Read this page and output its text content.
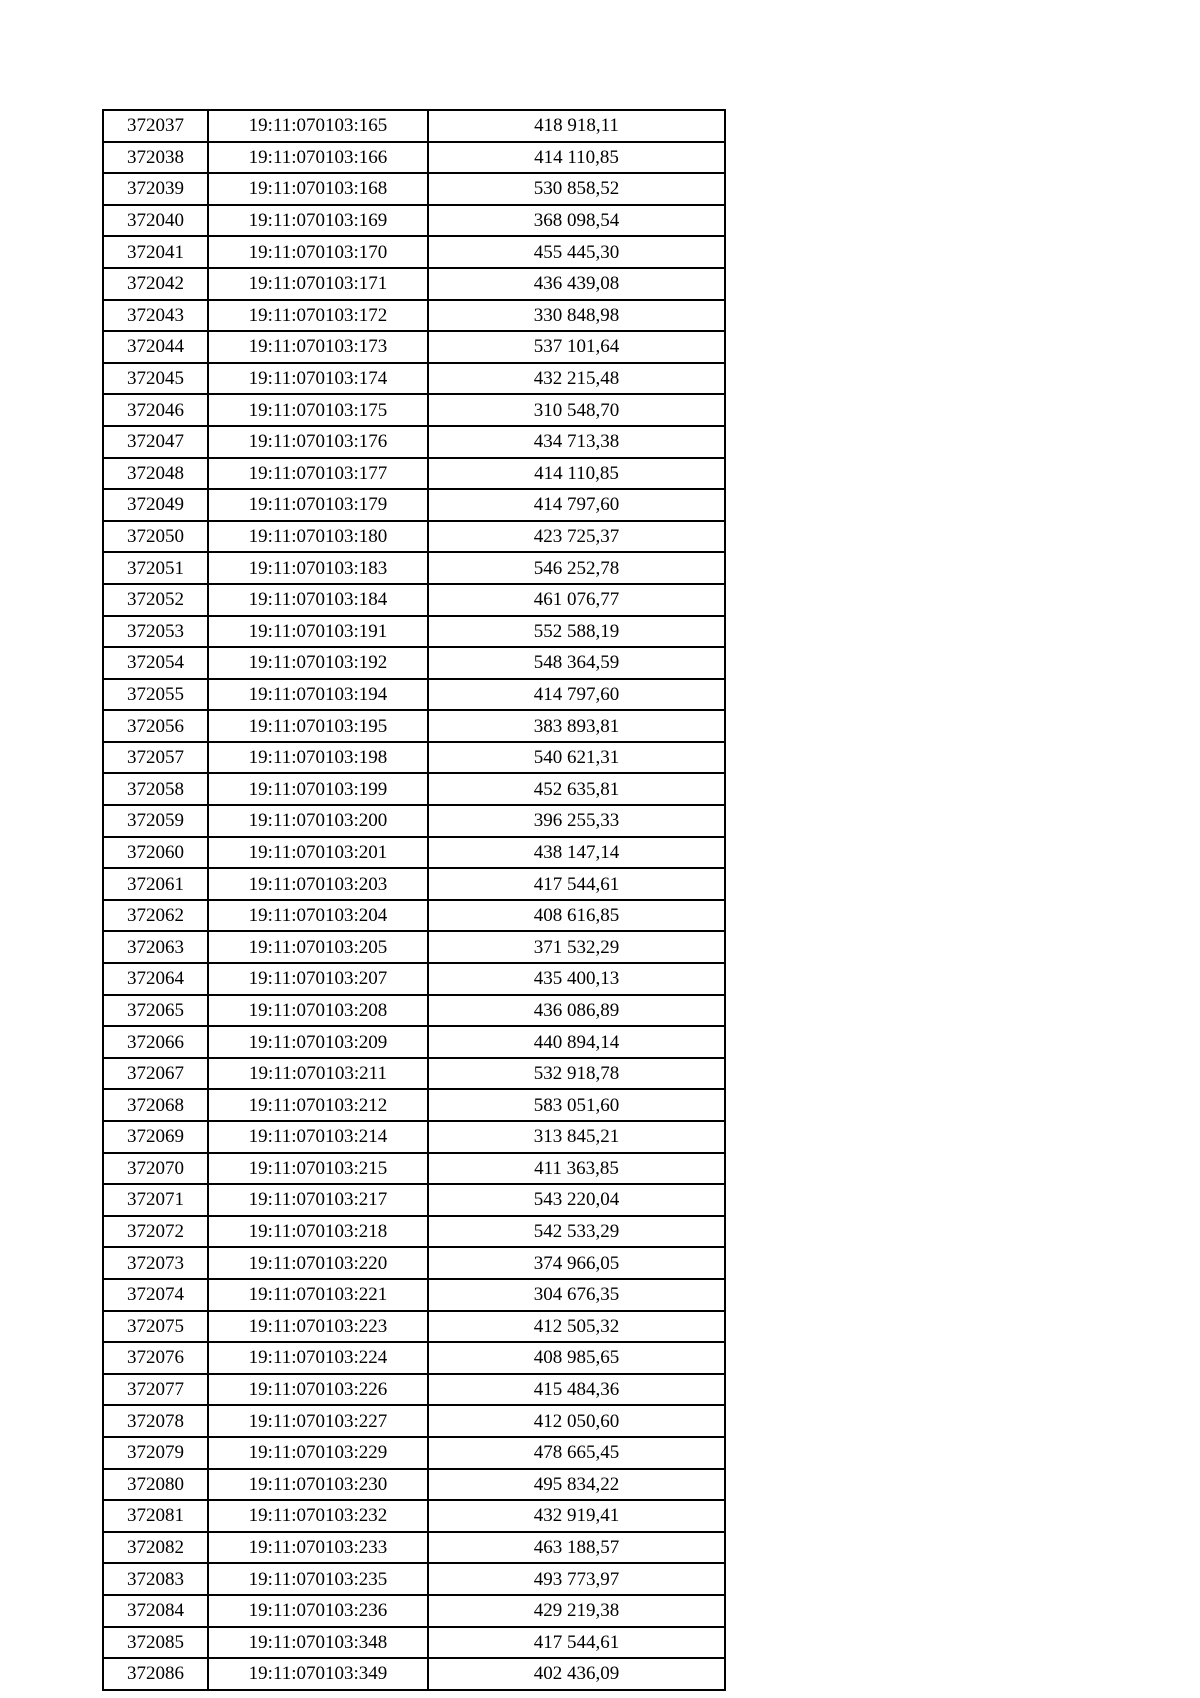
372037	19:11:070103:165	418 918,11
372038	19:11:070103:166	414 110,85
372039	19:11:070103:168	530 858,52
372040	19:11:070103:169	368 098,54
372041	19:11:070103:170	455 445,30
372042	19:11:070103:171	436 439,08
372043	19:11:070103:172	330 848,98
372044	19:11:070103:173	537 101,64
372045	19:11:070103:174	432 215,48
372046	19:11:070103:175	310 548,70
372047	19:11:070103:176	434 713,38
372048	19:11:070103:177	414 110,85
372049	19:11:070103:179	414 797,60
372050	19:11:070103:180	423 725,37
372051	19:11:070103:183	546 252,78
372052	19:11:070103:184	461 076,77
372053	19:11:070103:191	552 588,19
372054	19:11:070103:192	548 364,59
372055	19:11:070103:194	414 797,60
372056	19:11:070103:195	383 893,81
372057	19:11:070103:198	540 621,31
372058	19:11:070103:199	452 635,81
372059	19:11:070103:200	396 255,33
372060	19:11:070103:201	438 147,14
372061	19:11:070103:203	417 544,61
372062	19:11:070103:204	408 616,85
372063	19:11:070103:205	371 532,29
372064	19:11:070103:207	435 400,13
372065	19:11:070103:208	436 086,89
372066	19:11:070103:209	440 894,14
372067	19:11:070103:211	532 918,78
372068	19:11:070103:212	583 051,60
372069	19:11:070103:214	313 845,21
372070	19:11:070103:215	411 363,85
372071	19:11:070103:217	543 220,04
372072	19:11:070103:218	542 533,29
372073	19:11:070103:220	374 966,05
372074	19:11:070103:221	304 676,35
372075	19:11:070103:223	412 505,32
372076	19:11:070103:224	408 985,65
372077	19:11:070103:226	415 484,36
372078	19:11:070103:227	412 050,60
372079	19:11:070103:229	478 665,45
372080	19:11:070103:230	495 834,22
372081	19:11:070103:232	432 919,41
372082	19:11:070103:233	463 188,57
372083	19:11:070103:235	493 773,97
372084	19:11:070103:236	429 219,38
372085	19:11:070103:348	417 544,61
372086	19:11:070103:349	402 436,09
